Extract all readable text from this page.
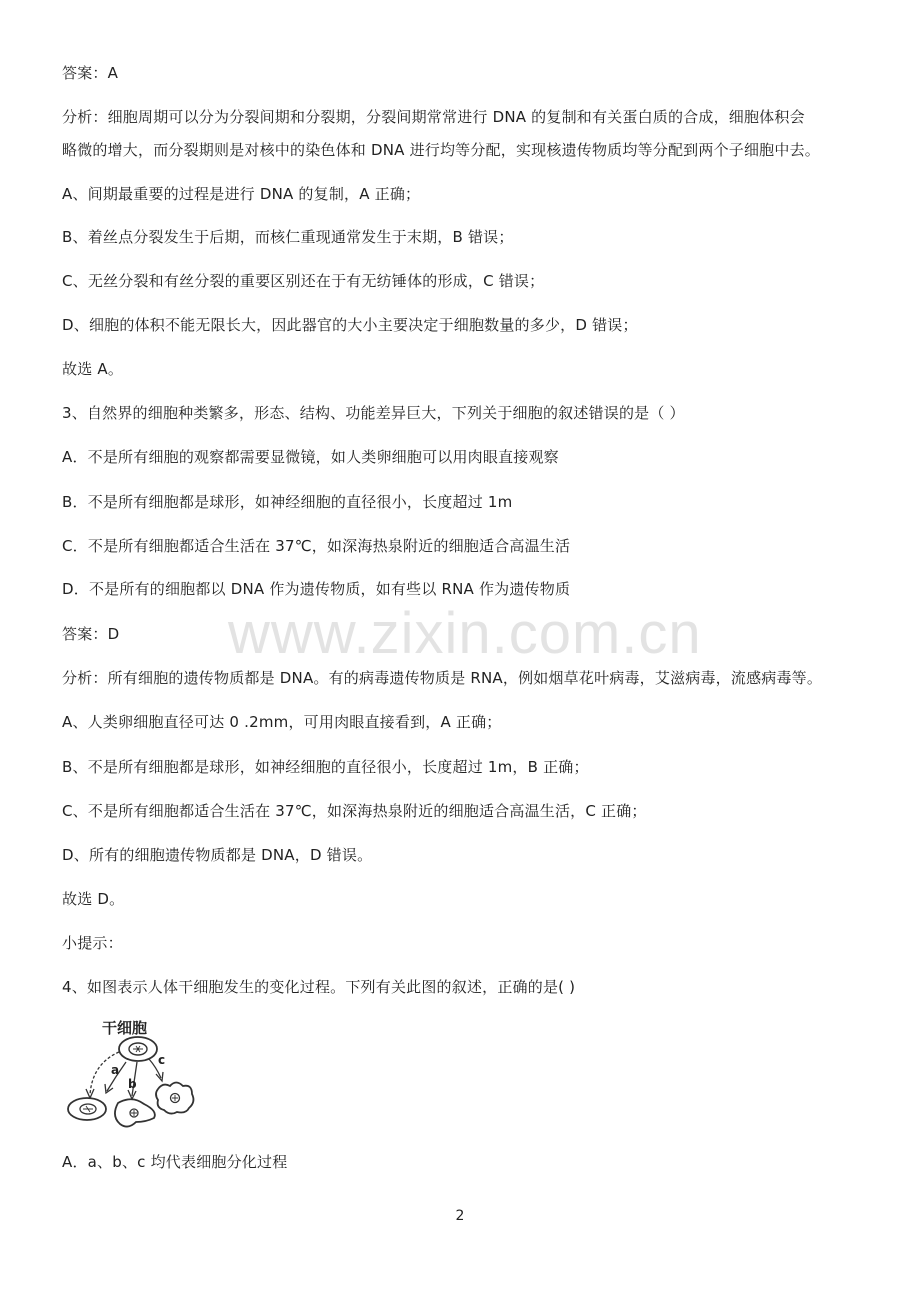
www.zixin.com.cn
答案：A
分析：细胞周期可以分为分裂间期和分裂期，分裂间期常常进行 DNA 的复制和有关蛋白质的合成，细胞体积会
略微的增大，而分裂期则是对核中的染色体和 DNA 进行均等分配，实现核遗传物质均等分配到两个子细胞中去。
A、间期最重要的过程是进行 DNA 的复制，A 正确；
B、着丝点分裂发生于后期，而核仁重现通常发生于末期，B 错误；
C、无丝分裂和有丝分裂的重要区别还在于有无纺锤体的形成，C 错误；
D、细胞的体积不能无限长大，因此器官的大小主要决定于细胞数量的多少，D 错误；
故选 A。
3、自然界的细胞种类繁多，形态、结构、功能差异巨大，下列关于细胞的叙述错误的是（ ）
A．不是所有细胞的观察都需要显微镜，如人类卵细胞可以用肉眼直接观察
B．不是所有细胞都是球形，如神经细胞的直径很小，长度超过 1m
C．不是所有细胞都适合生活在 37℃，如深海热泉附近的细胞适合高温生活
D．不是所有的细胞都以 DNA 作为遗传物质，如有些以 RNA 作为遗传物质
答案：D
分析：所有细胞的遗传物质都是 DNA。有的病毒遗传物质是 RNA，例如烟草花叶病毒，艾滋病毒，流感病毒等。
A、人类卵细胞直径可达 0 .2mm，可用肉眼直接看到，A 正确；
B、不是所有细胞都是球形，如神经细胞的直径很小，长度超过 1m，B 正确；
C、不是所有细胞都适合生活在 37℃，如深海热泉附近的细胞适合高温生活，C 正确；
D、所有的细胞遗传物质都是 DNA，D 错误。
故选 D。
小提示：
4、如图表示人体干细胞发生的变化过程。下列有关此图的叙述，正确的是( )
干细胞
a
b
c
A．a、b、c 均代表细胞分化过程
2
